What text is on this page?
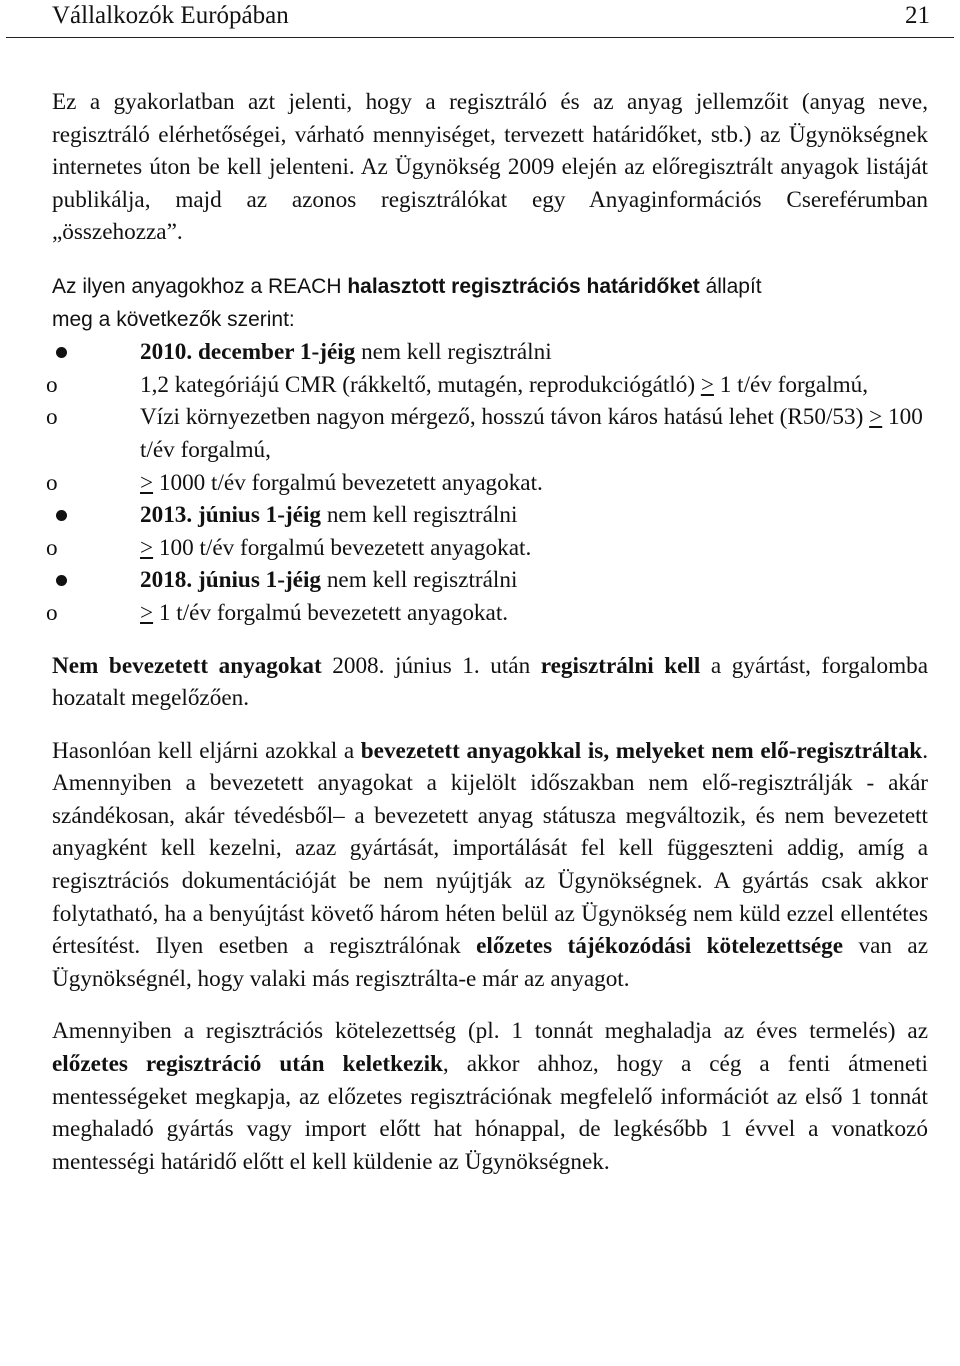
Vállalkozók Európában	21

Ez a gyakorlatban azt jelenti, hogy a regisztráló és az anyag jellemzőit (anyag neve, regisztráló elérhetőségei, várható mennyiséget, tervezett határidőket, stb.) az Ügynökségnek internetes úton be kell jelenteni. Az Ügynökség 2009 elején az előregisztrált anyagok listáját publikálja, majd az azonos regisztrálókat egy Anyaginformációs Csereférumban „összehozza”.

Az ilyen anyagokhoz a REACH halasztott regisztrációs határidőket állapít
meg a következők szerint:

2010. december 1-jéig nem kell regisztrálni
o	1,2 kategóriájú CMR (rákkeltő, mutagén, reprodukciógátló) ≥ 1 t/év forgalmú,
o	Vízi környezetben nagyon mérgező, hosszú távon káros hatású lehet (R50/53) ≥ 100 t/év forgalmú,
o	≥ 1000 t/év forgalmú bevezetett anyagokat.
2013. június 1-jéig nem kell regisztrálni
o	≥ 100 t/év forgalmú bevezetett anyagokat.
2018. június 1-jéig nem kell regisztrálni
o	≥ 1 t/év forgalmú bevezetett anyagokat.

Nem bevezetett anyagokat 2008. június 1. után regisztrálni kell a gyártást, forgalomba hozatalt megelőzően.

Hasonlóan kell eljárni azokkal a bevezetett anyagokkal is, melyeket nem elő-regisztráltak. Amennyiben a bevezetett anyagokat a kijelölt időszakban nem elő-regisztrálják - akár szándékosan, akár tévedésből– a bevezetett anyag státusza megváltozik, és nem bevezetett anyagként kell kezelni, azaz gyártását, importálását fel kell függeszteni addig, amíg a regisztrációs dokumentációját be nem nyújtják az Ügynökségnek. A gyártás csak akkor folytatható, ha a benyújtást követő három héten belül az Ügynökség nem küld ezzel ellentétes értesítést. Ilyen esetben a regisztrálónak előzetes tájékozódási kötelezettsége van az Ügynökségnél, hogy valaki más regisztrálta-e már az anyagot.

Amennyiben a regisztrációs kötelezettség (pl. 1 tonnát meghaladja az éves termelés) az előzetes regisztráció után keletkezik, akkor ahhoz, hogy a cég a fenti átmeneti mentességeket megkapja, az előzetes regisztrációnak megfelelő információt az első 1 tonnát meghaladó gyártás vagy import előtt hat hónappal, de legkésőbb 1 évvel a vonatkozó mentességi határidő előtt el kell küldenie az Ügynökségnek.
